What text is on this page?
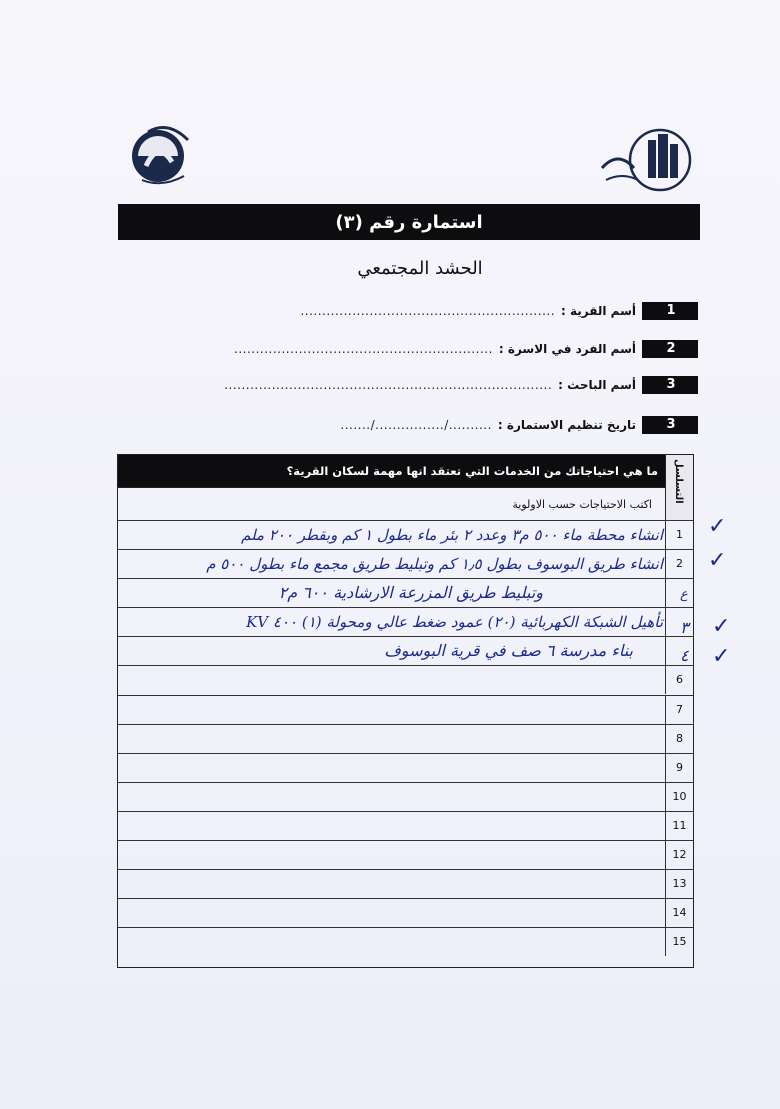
استمارة رقم (٣)
الحشد المجتمعي
1
أسم القرية :
...........................................................
2
أسم الفرد في الاسرة :
............................................................
3
أسم الباحث :
............................................................................
3
تاريخ تنظيم الاستمارة :
........../................/.......
ما هي احتياجاتك من الخدمات التي تعتقد انها مهمة لسكان القرية؟	التسلسل
اكتب الاحتياجات حسب الاولوية
1
انشاء محطة ماء ٥٠٠ م٣ وعدد ٢ بئر ماء بطول ١ كم وبقطر ٢٠٠ ملم
2
انشاء طريق البوسوف بطول ١٫٥ كم وتبليط طريق مجمع ماء بطول ٥٠٠ م
وتبليط طريق المزرعة الارشادية ٦٠٠ م٢
تأهيل الشبكة الكهربائية (٢٠) عمود ضغط عالي ومحولة (١) ٤٠٠ KV
بناء مدرسة ٦ صف في قرية البوسوف
6
7
8
9
10
11
12
13
14
15
ع
٣
٤
✓
✓
✓
✓
